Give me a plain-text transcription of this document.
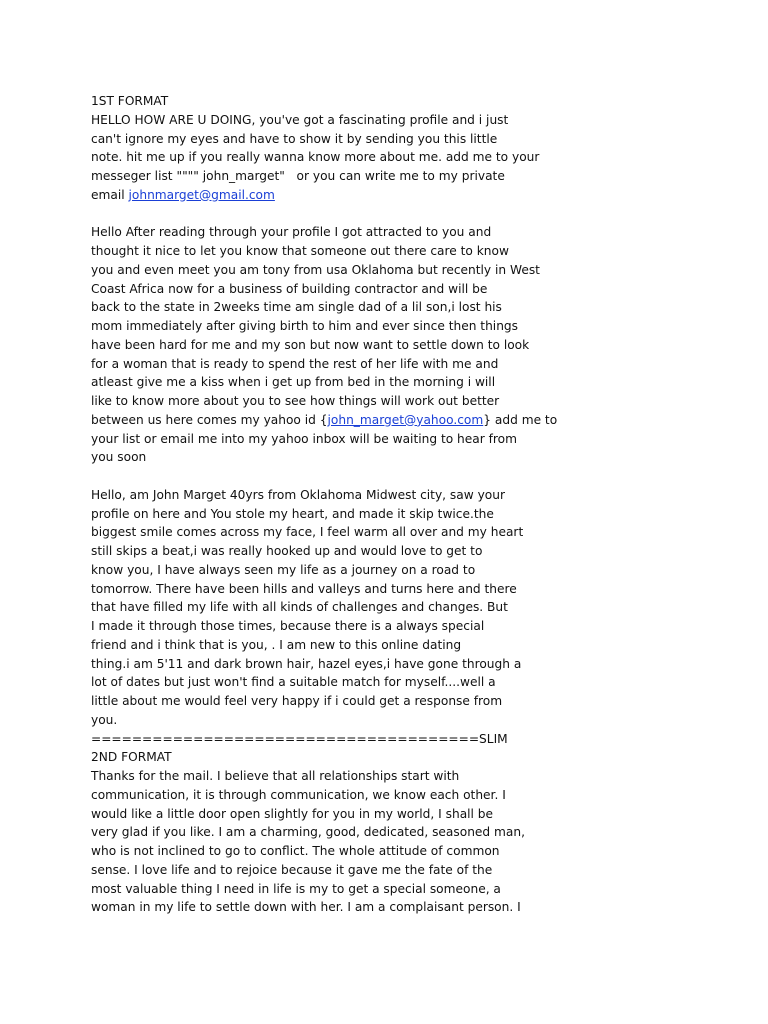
1ST FORMAT
HELLO HOW ARE U DOING, you've got a fascinating profile and i just
can't ignore my eyes and have to show it by sending you this little
note. hit me up if you really wanna know more about me. add me to your
messeger list """" john_marget"   or you can write me to my private
email johnmarget@gmail.com
Hello After reading through your profile I got attracted to you and
thought it nice to let you know that someone out there care to know
you and even meet you am tony from usa Oklahoma but recently in West
Coast Africa now for a business of building contractor and will be
back to the state in 2weeks time am single dad of a lil son,i lost his
mom immediately after giving birth to him and ever since then things
have been hard for me and my son but now want to settle down to look
for a woman that is ready to spend the rest of her life with me and
atleast give me a kiss when i get up from bed in the morning i will
like to know more about you to see how things will work out better
between us here comes my yahoo id {john_marget@yahoo.com} add me to
your list or email me into my yahoo inbox will be waiting to hear from
you soon
Hello, am John Marget 40yrs from Oklahoma Midwest city, saw your
profile on here and You stole my heart, and made it skip twice.the
biggest smile comes across my face, I feel warm all over and my heart
still skips a beat,i was really hooked up and would love to get to
know you, I have always seen my life as a journey on a road to
tomorrow. There have been hills and valleys and turns here and there
that have filled my life with all kinds of challenges and changes. But
I made it through those times, because there is a always special
friend and i think that is you, . I am new to this online dating
thing.i am 5'11 and dark brown hair, hazel eyes,i have gone through a
lot of dates but just won't find a suitable match for myself....well a
little about me would feel very happy if i could get a response from
you.
======================================SLIM
2ND FORMAT
Thanks for the mail. I believe that all relationships start with
communication, it is through communication, we know each other. I
would like a little door open slightly for you in my world, I shall be
very glad if you like. I am a charming, good, dedicated, seasoned man,
who is not inclined to go to conflict. The whole attitude of common
sense. I love life and to rejoice because it gave me the fate of the
most valuable thing I need in life is my to get a special someone, a
woman in my life to settle down with her. I am a complaisant person. I
